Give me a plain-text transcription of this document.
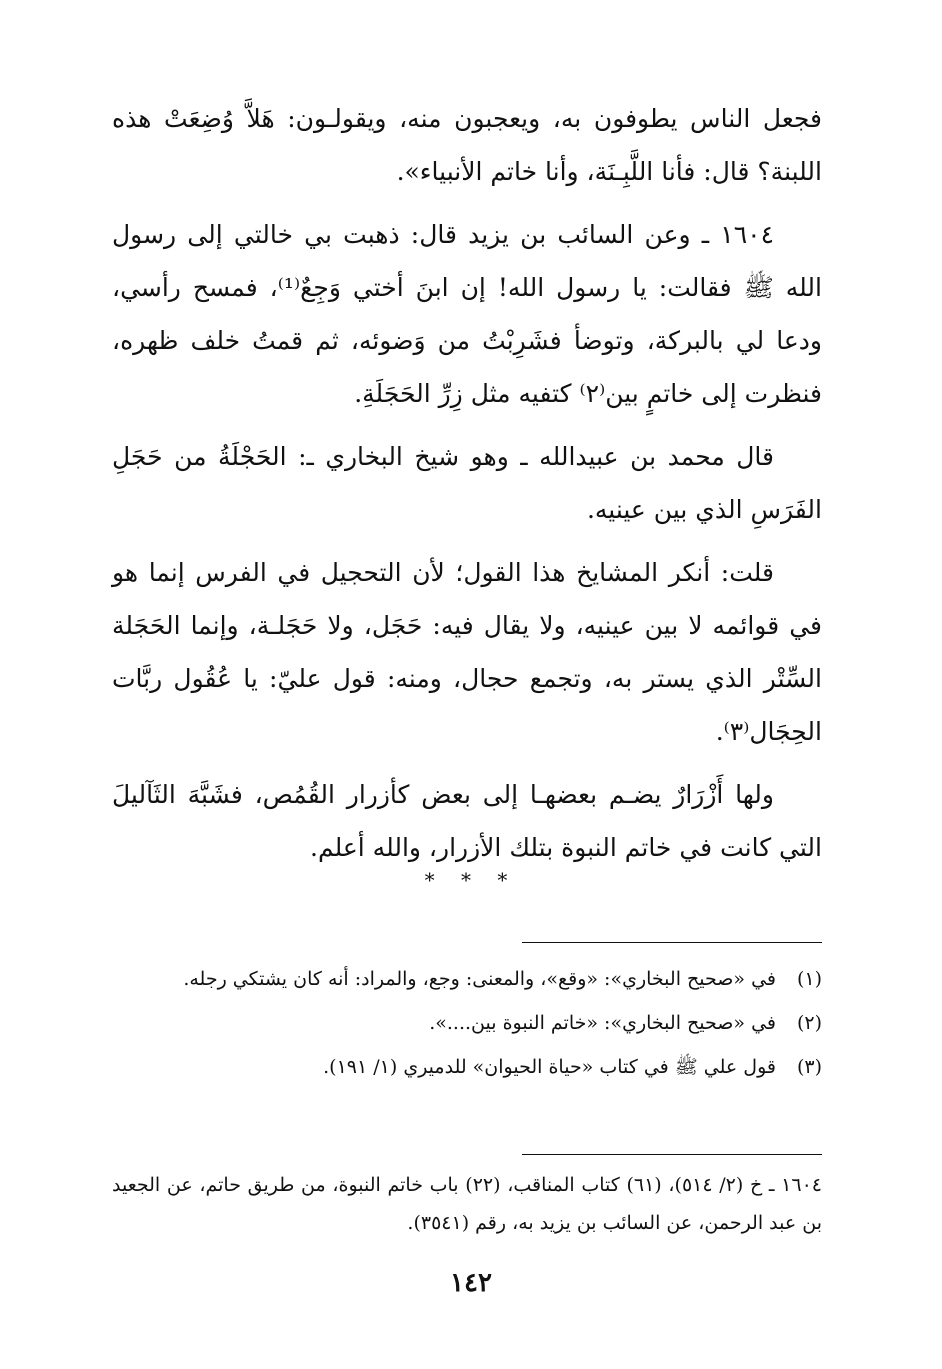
فجعل الناس يطوفون به، ويعجبون منه، ويقولـون: هَلاَّ وُضِعَتْ هذه اللبنة؟ قال: فأنا اللَّبِـنَة، وأنا خاتم الأنبياء».

١٦٠٤ ـ وعن السائب بن يزيد قال: ذهبت بي خالتي إلى رسول الله ﷺ فقالت: يا رسول الله! إن ابنَ أختي وَجِعٌ⁽¹⁾، فمسح رأسي، ودعا لي بالبركة، وتوضأ فشَرِبْتُ من وَضوئه، ثم قمتُ خلف ظهره، فنظرت إلى خاتمٍ بين⁽٢⁾ كتفيه مثل زِرِّ الحَجَلَةِ.

قال محمد بن عبيدالله ـ وهو شيخ البخاري ـ: الحَجْلَةُ من حَجَلِ الفَرَسِ الذي بين عينيه.

قلت: أنكر المشايخ هذا القول؛ لأن التحجيل في الفرس إنما هو في قوائمه لا بين عينيه، ولا يقال فيه: حَجَل، ولا حَجَلـة، وإنما الحَجَلة السِّتْر الذي يستر به، وتجمع حجال، ومنه: قول عليّ: يا عُقُول ربَّات الحِجَال⁽٣⁾.

ولها أَزْرَارٌ يضـم بعضهـا إلى بعض كأزرار القُمُص، فشَبَّهَ الثَآليلَ التي كانت في خاتم النبوة بتلك الأزرار، والله أعلم.

* * *

(١)في «صحيح البخاري»: «وقع»، والمعنى: وجع، والمراد: أنه كان يشتكي رجله.

(٢)في «صحيح البخاري»: «خاتم النبوة بين....».

(٣)قول علي ﷺ في كتاب «حياة الحيوان» للدميري (١/ ١٩١).

١٦٠٤ ـ خ (٢/ ٥١٤)، (٦١) كتاب المناقب، (٢٢) باب خاتم النبوة، من طريق حاتم، عن الجعيد بن عبد الرحمن، عن السائب بن يزيد به، رقم (٣٥٤١).

١٤٢
